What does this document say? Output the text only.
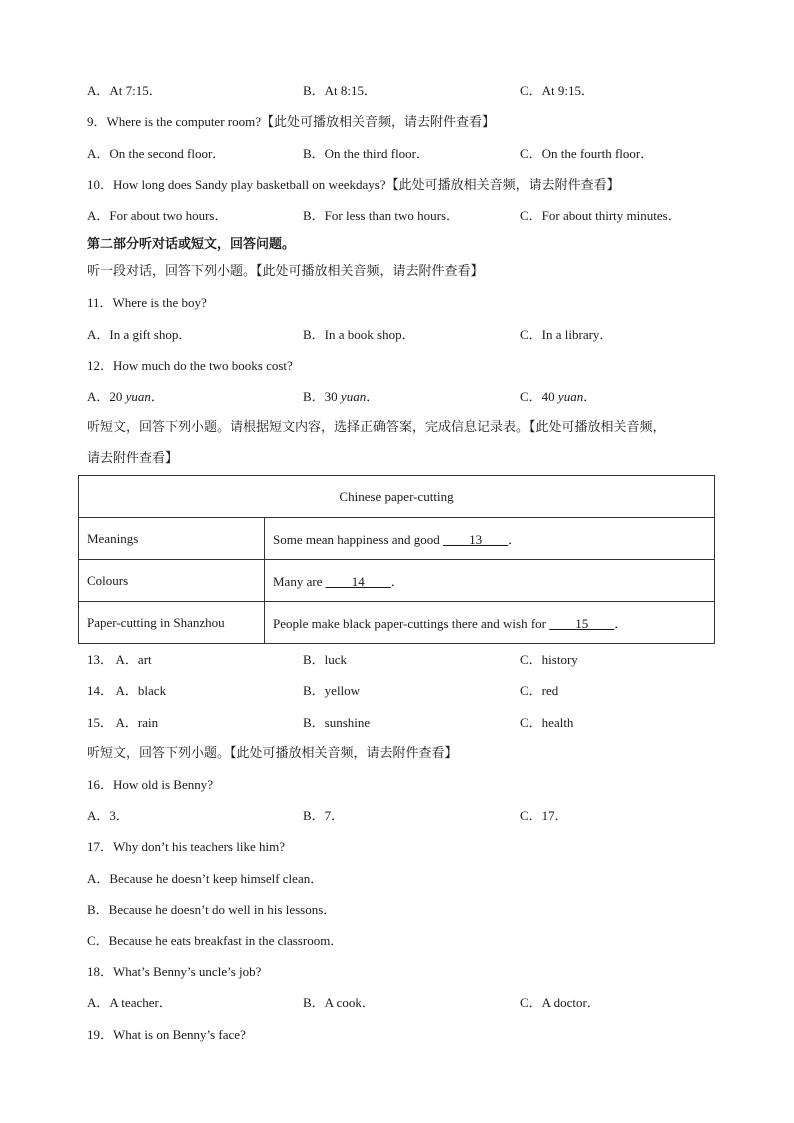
A．At 7:15．	B．At 8:15．	C．At 9:15．
9．Where is the computer room?【此处可播放相关音频，请去附件查看】
A．On the second floor．	B．On the third floor．	C．On the fourth floor．
10．How long does Sandy play basketball on weekdays?【此处可播放相关音频，请去附件查看】
A．For about two hours．	B．For less than two hours．	C．For about thirty minutes．
第二部分听对话或短文，回答问题。
听一段对话，回答下列小题。【此处可播放相关音频，请去附件查看】
11．Where is the boy?
A．In a gift shop．	B．In a book shop．	C．In a library．
12．How much do the two books cost?
A．20 yuan．	B．30 yuan．	C．40 yuan．
听短文，回答下列小题。请根据短文内容，选择正确答案，完成信息记录表。【此处可播放相关音频，
请去附件查看】
Chinese paper-cutting	
Meanings	Some mean happiness and good ____13____．
Colours	Many are ____14____．
Paper-cutting in Shanzhou	People make black paper-cuttings there and wish for ____15____．
13． A．art	B．luck	C．history
14． A．black	B．yellow	C．red
15． A．rain	B．sunshine	C．health
听短文，回答下列小题。【此处可播放相关音频，请去附件查看】
16．How old is Benny?
A．3．	B．7．	C．17．
17．Why don’t his teachers like him?
A．Because he doesn’t keep himself clean．
B．Because he doesn’t do well in his lessons．
C．Because he eats breakfast in the classroom．
18．What’s Benny’s uncle’s job?
A．A teacher．	B．A cook．	C．A doctor．
19．What is on Benny’s face?
